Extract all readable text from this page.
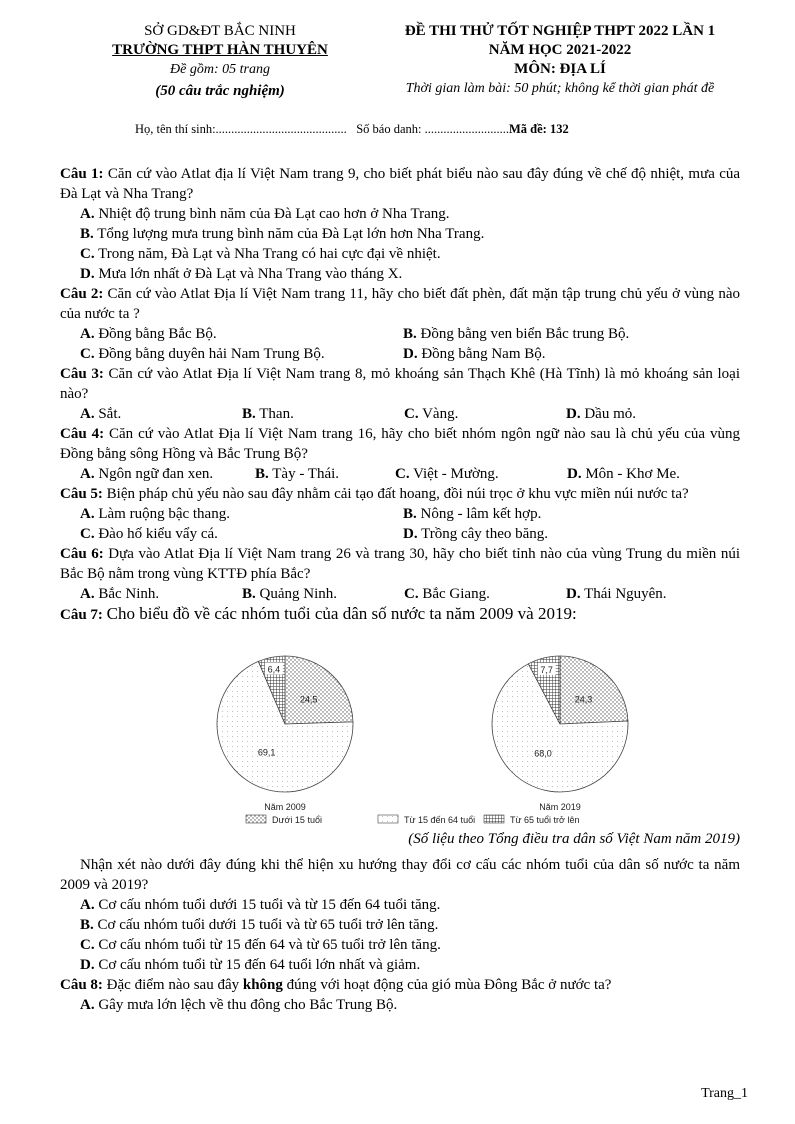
SỞ GD&ĐT BẮC NINH
TRƯỜNG THPT HÀN THUYÊN
Đề gồm: 05 trang
(50 câu trắc nghiệm)
ĐỀ THI THỬ TỐT NGHIỆP THPT 2022 LẦN 1
NĂM HỌC 2021-2022
MÔN: ĐỊA LÍ
Thời gian làm bài: 50 phút; không kể thời gian phát đề
Họ, tên thí sinh:.......................................... Số báo danh: ...........................Mã đề: 132

Câu 1: Căn cứ vào Atlat địa lí Việt Nam trang 9, cho biết phát biểu nào sau đây đúng về chế độ nhiệt, mưa của Đà Lạt và Nha Trang?

A. Nhiệt độ trung bình năm của Đà Lạt cao hơn ở Nha Trang.
B. Tổng lượng mưa trung bình năm của Đà Lạt lớn hơn Nha Trang.
C. Trong năm, Đà Lạt và Nha Trang có hai cực đại về nhiệt.
D. Mưa lớn nhất ở Đà Lạt và Nha Trang vào tháng X.

Câu 2: Căn cứ vào Atlat Địa lí Việt Nam trang 11, hãy cho biết đất phèn, đất mặn tập trung chủ yếu ở vùng nào của nước ta ?

A. Đồng bằng Bắc Bộ.	B. Đồng bằng ven biển Bắc trung Bộ.
C. Đồng bằng duyên hải Nam Trung Bộ.	D. Đồng bằng Nam Bộ.

Câu 3: Căn cứ vào Atlat Địa lí Việt Nam trang 8, mỏ khoáng sản Thạch Khê (Hà Tĩnh) là mỏ khoáng sản loại nào?

A. Sắt.	B. Than.	C. Vàng.	D. Dầu mỏ.

Câu 4: Căn cứ vào Atlat Địa lí Việt Nam trang 16, hãy cho biết nhóm ngôn ngữ nào sau là chủ yếu của vùng Đồng bằng sông Hồng và Bắc Trung Bộ?

A. Ngôn ngữ đan xen.	B. Tày - Thái.	C. Việt - Mường.	D. Môn - Khơ Me.

Câu 5: Biện pháp chủ yếu nào sau đây nhằm cải tạo đất hoang, đồi núi trọc ở khu vực miền núi nước ta?

A. Làm ruộng bậc thang.	B. Nông - lâm kết hợp.
C. Đào hố kiểu vẩy cá.	D. Trồng cây theo băng.

Câu 6: Dựa vào Atlat Địa lí Việt Nam trang 26 và trang 30, hãy cho biết tỉnh nào của vùng Trung du miền núi Bắc Bộ nằm trong vùng KTTĐ phía Bắc?

A. Bắc Ninh.	B. Quảng Ninh.	C. Bắc Giang.	D. Thái Nguyên.

Câu 7: Cho biểu đồ về các nhóm tuổi của dân số nước ta năm 2009 và 2019:

24,5
69,1
6,4
Năm 2009
24,3
68,0
7,7
Năm 2019
Dưới 15 tuổi	Từ 15 đến 64 tuổi	Từ 65 tuổi trở lên

(Số liệu theo Tổng điều tra dân số Việt Nam năm 2019)

Nhận xét nào dưới đây đúng khi thể hiện xu hướng thay đổi cơ cấu các nhóm tuổi của dân số nước ta năm 2009 và 2019?

A. Cơ cấu nhóm tuổi dưới 15 tuổi và từ 15 đến 64 tuổi tăng.
B. Cơ cấu nhóm tuổi dưới 15 tuổi và từ 65 tuổi trở lên tăng.
C. Cơ cấu nhóm tuổi từ 15 đến 64 và từ 65 tuổi trở lên tăng.
D. Cơ cấu nhóm tuổi từ 15 đến 64 tuổi lớn nhất và giảm.

Câu 8: Đặc điểm nào sau đây không đúng với hoạt động của gió mùa Đông Bắc ở nước ta?

A. Gây mưa lớn lệch về thu đông cho Bắc Trung Bộ.
Trang_1
